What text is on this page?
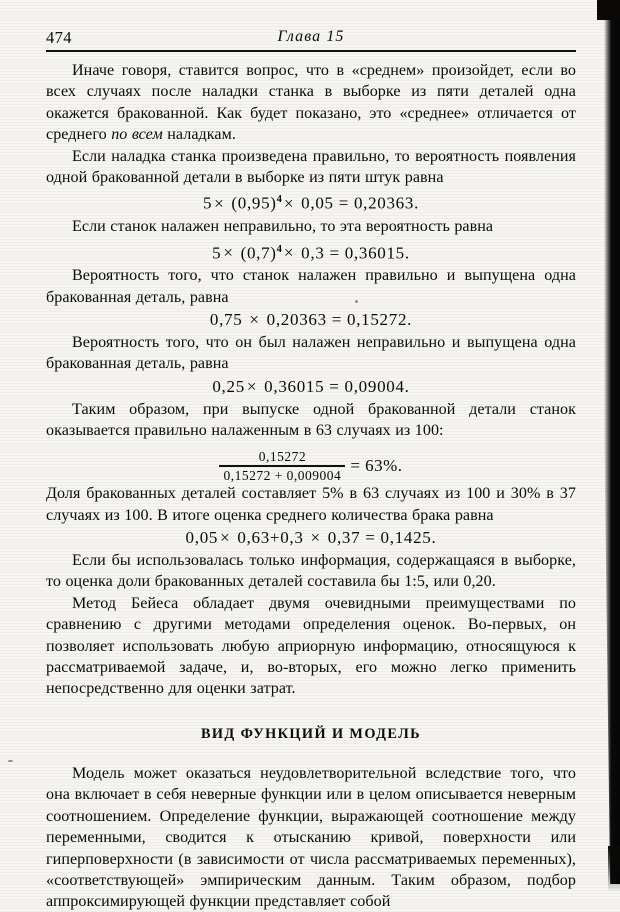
474	Глава 15

Иначе говоря, ставится вопрос, что в «среднем» произойдет, если во всех случаях после наладки станка в выборке из пяти деталей одна окажется бракованной. Как будет показано, это «среднее» отличается от среднего по всем наладкам.

Если наладка станка произведена правильно, то вероятность появления одной бракованной детали в выборке из пяти штук равна

$5 \times (0,95)^4 \times 0,05 = 0,20363$.

Если станок налажен неправильно, то эта вероятность равна

$5 \times (0,7)^4 \times 0,3 = 0,36015$.

Вероятность того, что станок налажен правильно и выпущена одна бракованная деталь, равна

0,75 × 0,20363 = 0,15272.

Вероятность того, что он был налажен неправильно и выпущена одна бракованная деталь, равна

0,25 × 0,36015 = 0,09004.

Таким образом, при выпуске одной бракованной детали станок оказывается правильно налаженным в 63 случаях из 100:

$\frac{0,15272}{0,15272 + 0,009004} = 63\%$.

Доля бракованных деталей составляет 5% в 63 случаях из 100 и 30% в 37 случаях из 100. В итоге оценка среднего количества брака равна

0,05 × 0,63+0,3 × 0,37 = 0,1425.

Если бы использовалась только информация, содержащаяся в выборке, то оценка доли бракованных деталей составила бы 1:5, или 0,20.

Метод Бейеса обладает двумя очевидными преимуществами по сравнению с другими методами определения оценок. Во-первых, он позволяет использовать любую априорную информацию, относящуюся к рассматриваемой задаче, и, во-вторых, его можно легко применить непосредственно для оценки затрат.

ВИД ФУНКЦИЙ И МОДЕЛЬ

Модель может оказаться неудовлетворительной вследствие того, что она включает в себя неверные функции или в целом описывается неверным соотношением. Определение функции, выражающей соотношение между переменными, сводится к отысканию кривой, поверхности или гиперповерхности (в зависимости от числа рассматриваемых переменных), «соответствующей» эмпирическим данным. Таким образом, подбор аппроксимирующей функции представляет собой
